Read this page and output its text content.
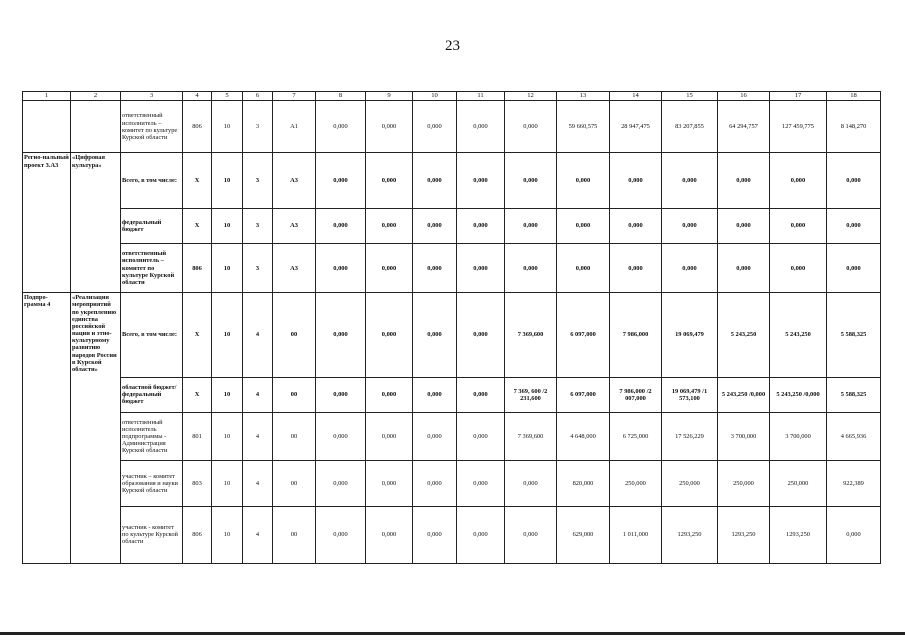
23
1	2	3	4	5	6	7	8	9	10	11	12	13	14	15	16	17	18
		ответственный исполнитель – комитет по культуре Курской области	806	10	3	А1	0,000	0,000	0,000	0,000	0,000	59 660,575	28 947,475	83 207,855	64 294,757	127 459,775	8 148,270
Регио-нальный проект 3.А3	«Цифровая культура»	Всего, в том числе:	X	10	3	А3	0,000	0,000	0,000	0,000	0,000	0,000	0,000	0,000	0,000	0,000	0,000
		федеральный бюджет	X	10	3	А3	0,000	0,000	0,000	0,000	0,000	0,000	0,000	0,000	0,000	0,000	0,000
		ответственный исполнитель – комитет по культуре Курской области	806	10	3	А3	0,000	0,000	0,000	0,000	0,000	0,000	0,000	0,000	0,000	0,000	0,000
Подпро-грамма 4	«Реализация мероприятий по укреплению единства российской нации и этно-культурному развитию народов России в Курской области»	Всего, в том числе:	X	10	4	00	0,000	0,000	0,000	0,000	7 369,600	6 097,000	7 986,000	19 069,479	5 243,250	5 243,250	5 588,325
		областной бюджет/ федеральный бюджет	X	10	4	00	0,000	0,000	0,000	0,000	7 369, 600 /2 231,600	6 097,000	7 986,000 /2 007,000	19 069,479 /1 573,100	5 243,250 /0,000	5 243,250 /0,000	5 588,325
		ответственный исполнитель подпрограммы - Администрация Курской области	801	10	4	00	0,000	0,000	0,000	0,000	7 369,600	4 648,000	6 725,000	17 526,229	3 700,000	3 700,000	4 665,936
		участник – комитет образования и науки Курской области	803	10	4	00	0,000	0,000	0,000	0,000	0,000	820,000	250,000	250,000	250,000	250,000	922,389
		участник - комитет по культуре Курской области	806	10	4	00	0,000	0,000	0,000	0,000	0,000	629,000	1 011,000	1293,250	1293,250	1293,250	0,000
